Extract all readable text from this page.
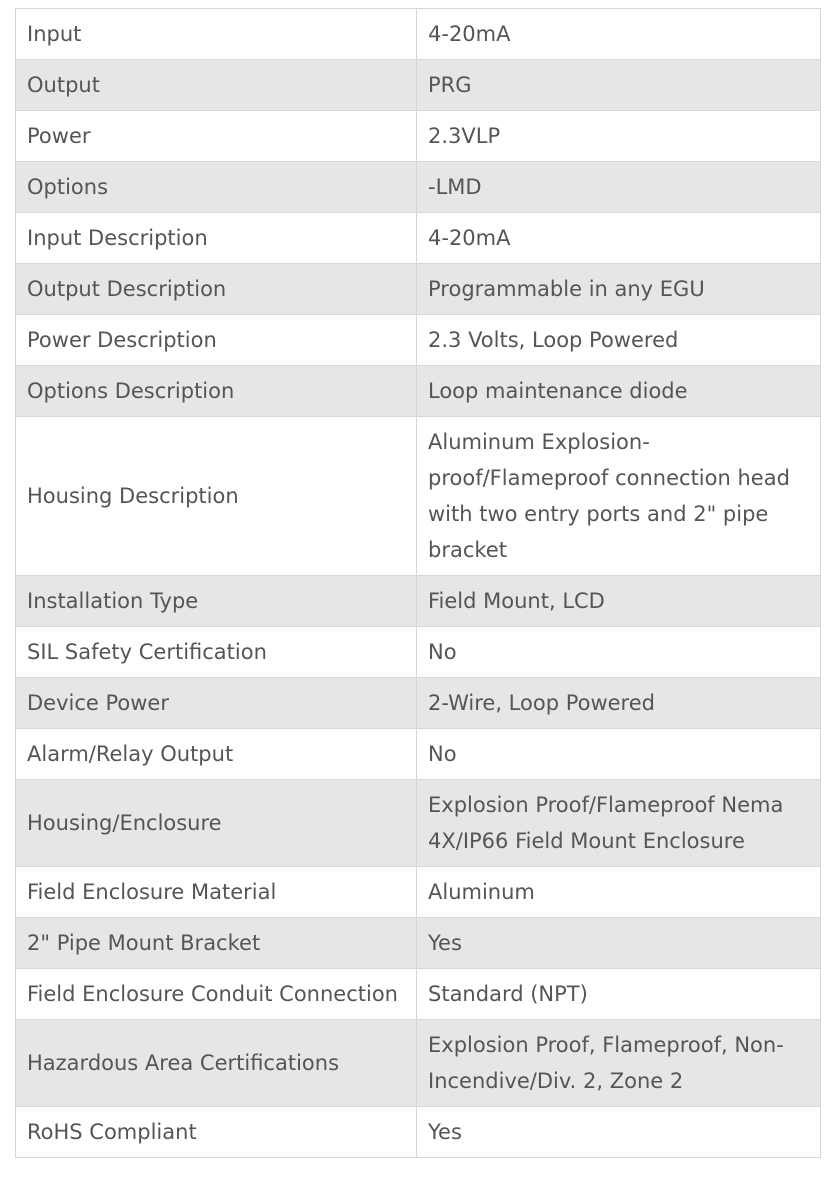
Input	4-20mA
Output	PRG
Power	2.3VLP
Options	-LMD
Input Description	4-20mA
Output Description	Programmable in any EGU
Power Description	2.3 Volts, Loop Powered
Options Description	Loop maintenance diode
Housing Description	Aluminum Explosion-proof/Flameproof connection head with two entry ports and 2" pipe bracket
Installation Type	Field Mount, LCD
SIL Safety Certification	No
Device Power	2-Wire, Loop Powered
Alarm/Relay Output	No
Housing/Enclosure	Explosion Proof/Flameproof Nema 4X/IP66 Field Mount Enclosure
Field Enclosure Material	Aluminum
2" Pipe Mount Bracket	Yes
Field Enclosure Conduit Connection	Standard (NPT)
Hazardous Area Certifications	Explosion Proof, Flameproof, Non-Incendive/Div. 2, Zone 2
RoHS Compliant	Yes
